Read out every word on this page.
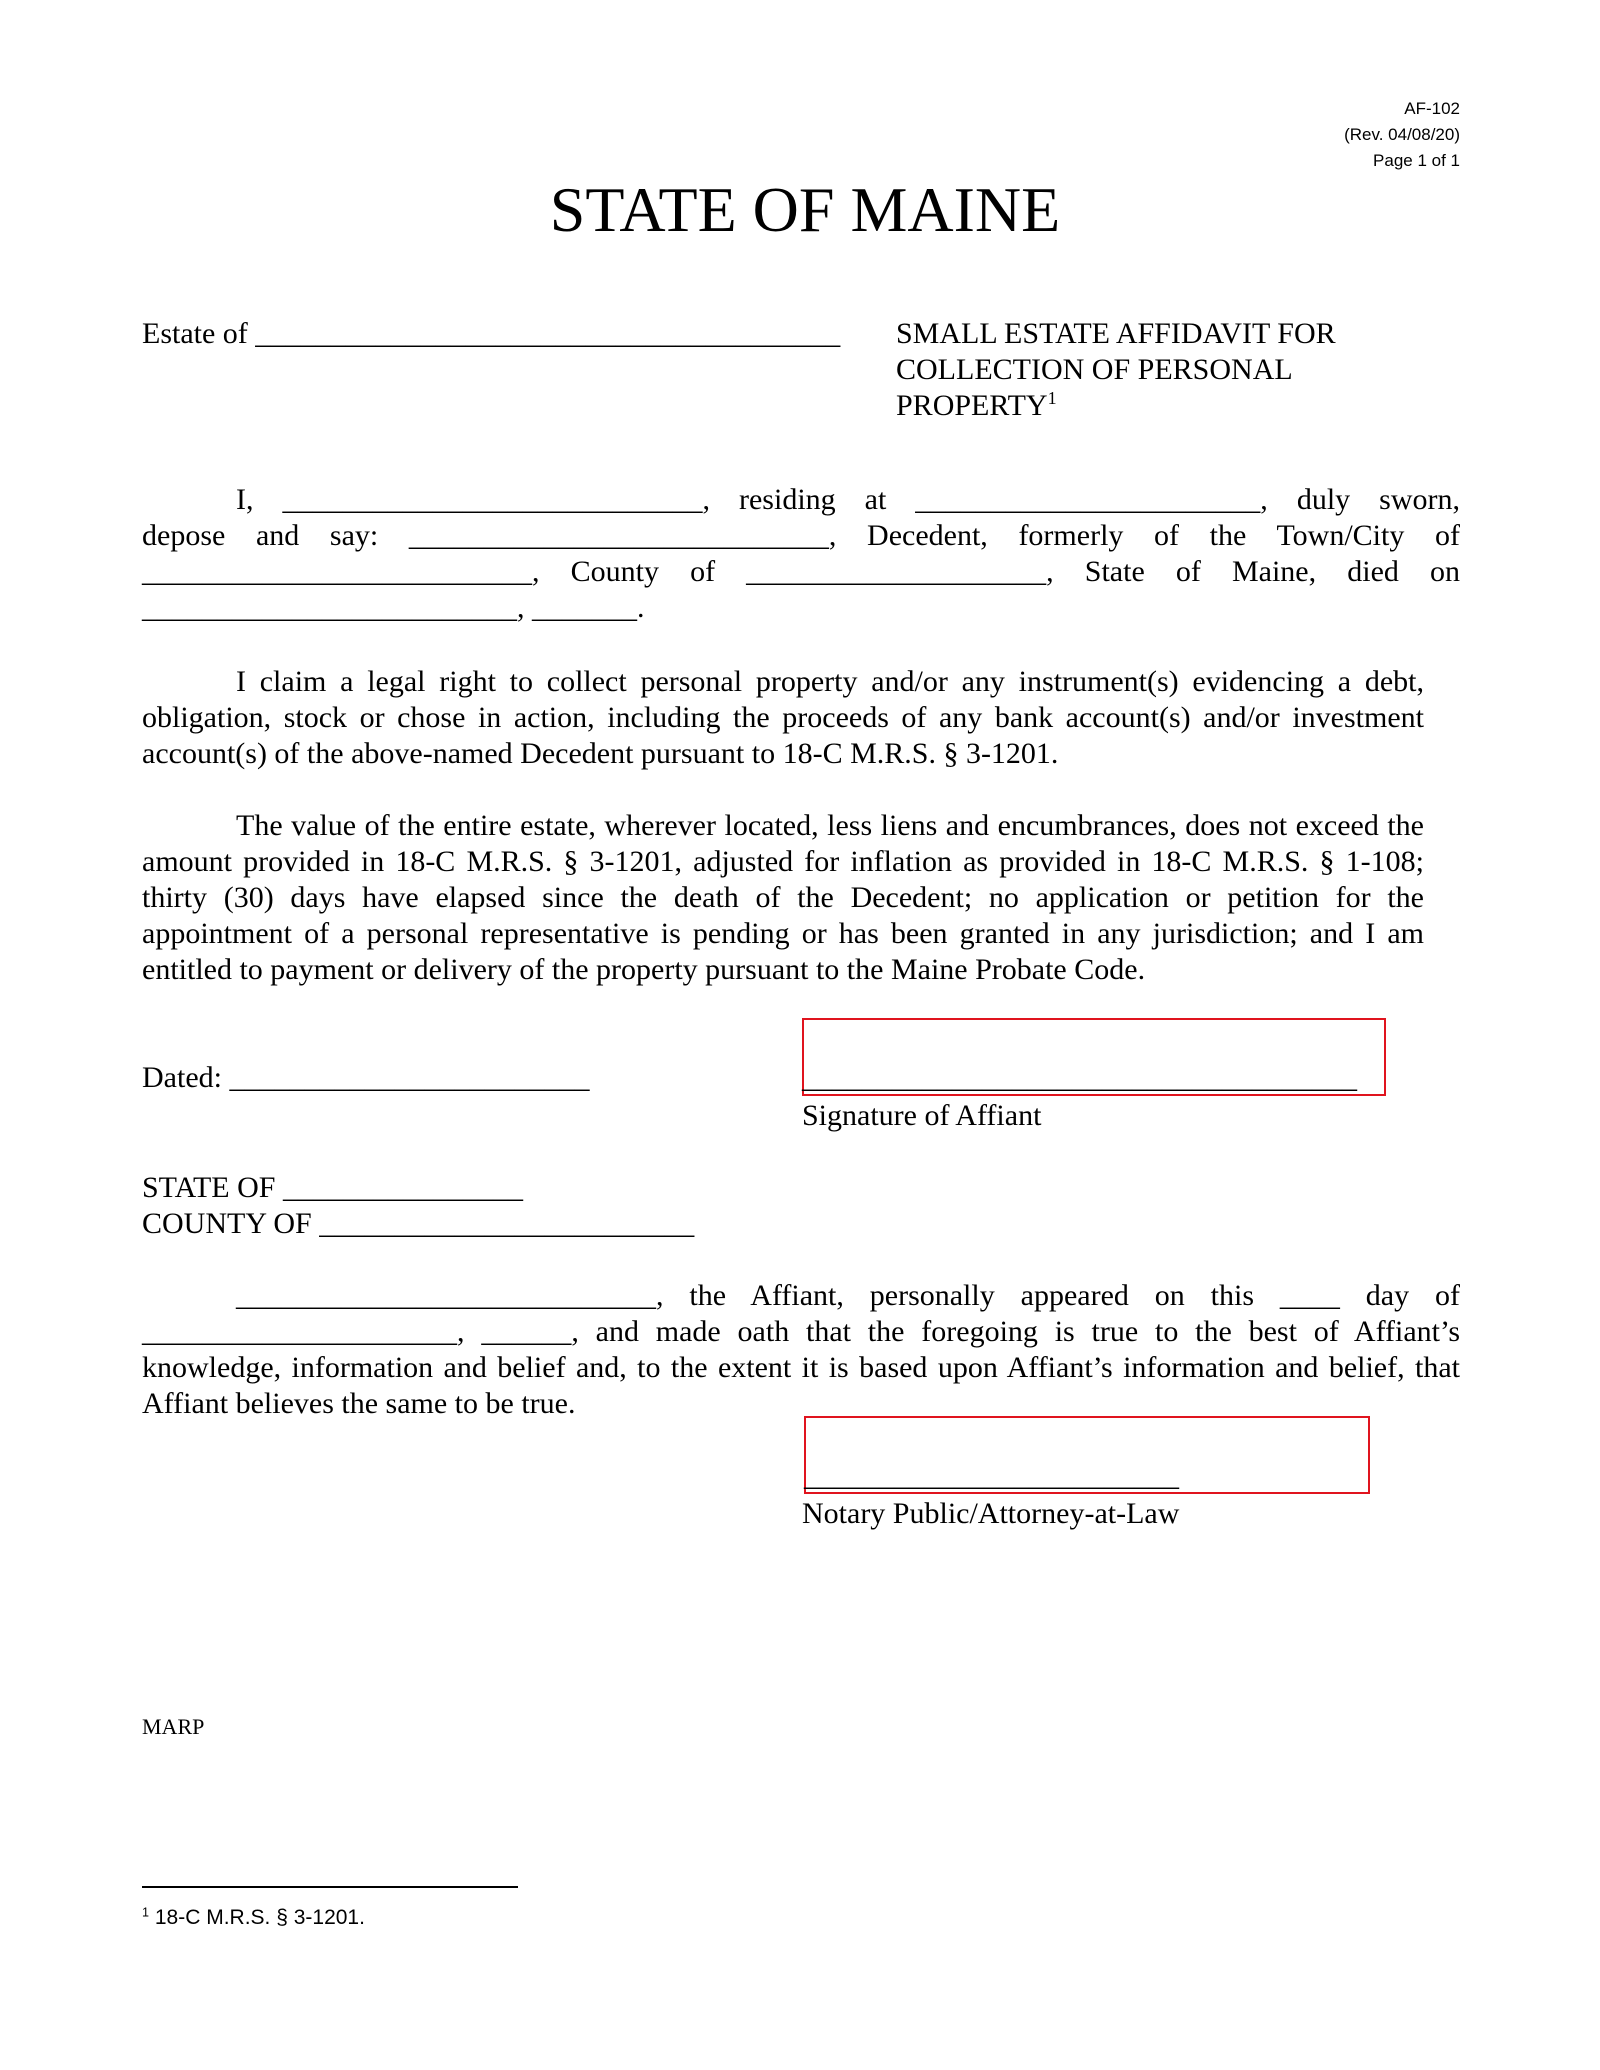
AF-102
(Rev. 04/08/20)
Page 1 of 1
STATE OF MAINE
Estate of _______________________________________ SMALL ESTATE AFFIDAVIT FOR
COLLECTION OF PERSONAL
PROPERTY$^1$
I, ____________________________, residing at _______________________, duly sworn,
depose and say: ____________________________, Decedent, formerly of the Town/City of
__________________________, County of ____________________, State of Maine, died on
_________________________, _______.

I claim a legal right to collect personal property and/or any instrument(s) evidencing a debt, obligation, stock or chose in action, including the proceeds of any bank account(s) and/or investment account(s) of the above-named Decedent pursuant to 18-C M.R.S. § 3-1201.

The value of the entire estate, wherever located, less liens and encumbrances, does not exceed the amount provided in 18-C M.R.S. § 3-1201, adjusted for inflation as provided in 18-C M.R.S. § 1-108; thirty (30) days have elapsed since the death of the Decedent; no application or petition for the appointment of a personal representative is pending or has been granted in any jurisdiction; and I am entitled to payment or delivery of the property pursuant to the Maine Probate Code.

Dated: ________________________	_____________________________________
Signature of Affiant
STATE OF ________________
COUNTY OF _________________________
____________________________, the Affiant, personally appeared on this ____ day of
_____________________, ______, and made oath that the foregoing is true to the best of Affiant’s
knowledge, information and belief and, to the extent it is based upon Affiant’s information and belief, that
Affiant believes the same to be true.
_________________________
Notary Public/Attorney-at-Law
MARP
$^1$ 18-C M.R.S. § 3-1201.
